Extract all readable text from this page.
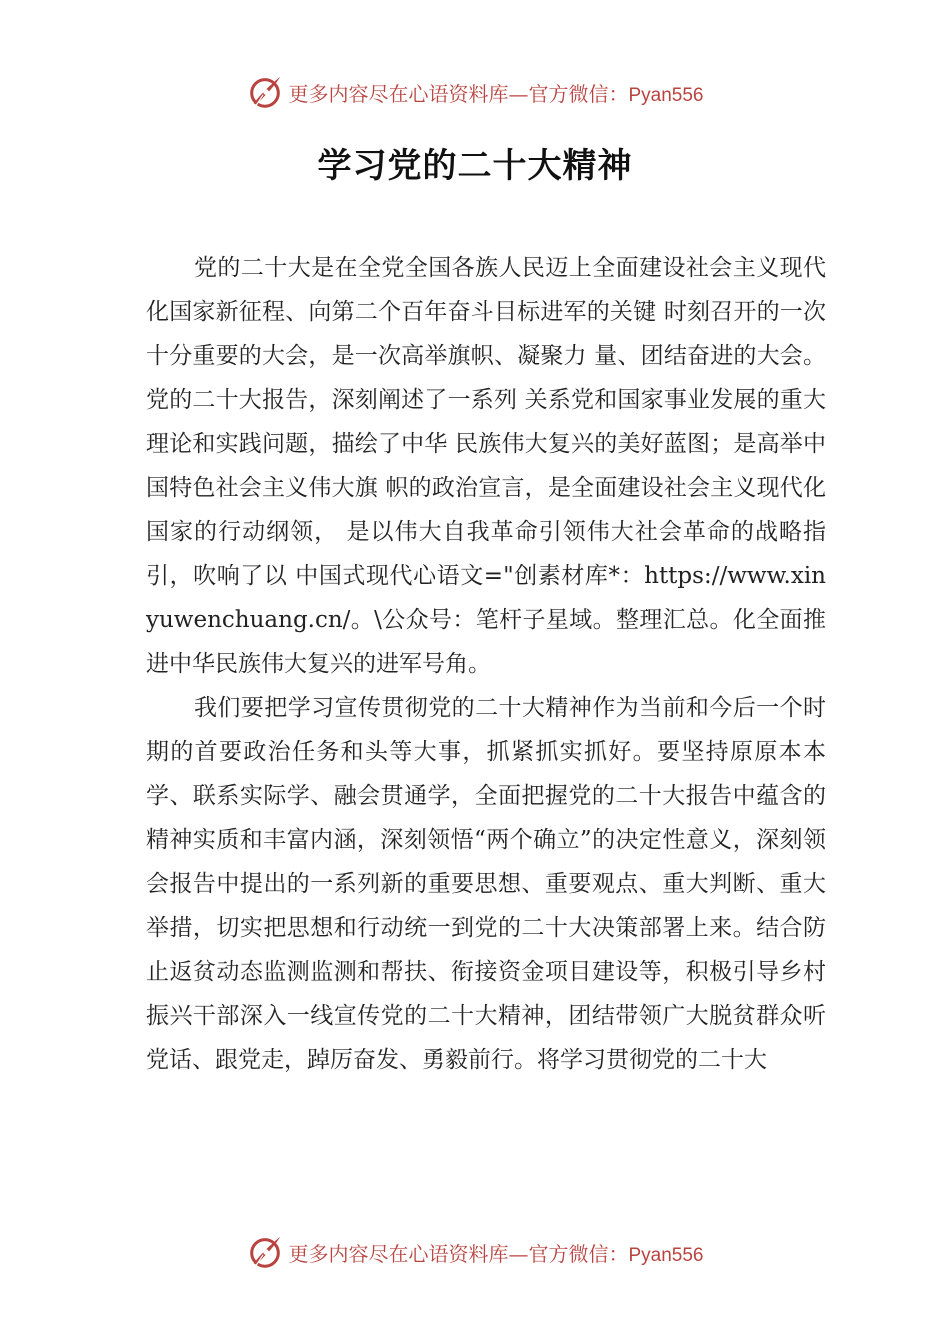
更多内容尽在心语资料库—官方微信：Pyan556
学习党的二十大精神

党的二十大是在全党全国各族人民迈上全面建设社会主义现代化国家新征程、向第二个百年奋斗目标进军的关键 时刻召开的一次十分重要的大会，是一次高举旗帜、凝聚力 量、团结奋进的大会。党的二十大报告，深刻阐述了一系列 关系党和国家事业发展的重大理论和实践问题，描绘了中华 民族伟大复兴的美好蓝图；是高举中国特色社会主义伟大旗 帜的政治宣言，是全面建设社会主义现代化国家的行动纲领， 是以伟大自我革命引领伟大社会革命的战略指引，吹响了以 中国式现代心语文="创素材库*：https://www.xinyuwenchuang.cn/。\公众号：笔杆子星域。整理汇总。化全面推进中华民族伟大复兴的进军号角。

我们要把学习宣传贯彻党的二十大精神作为当前和今后一个时期的首要政治任务和头等大事，抓紧抓实抓好。要坚持原原本本学、联系实际学、融会贯通学，全面把握党的二十大报告中蕴含的精神实质和丰富内涵，深刻领悟“两个确立”的决定性意义，深刻领会报告中提出的一系列新的重要思想、重要观点、重大判断、重大举措，切实把思想和行动统一到党的二十大决策部署上来。结合防止返贫动态监测监测和帮扶、衔接资金项目建设等，积极引导乡村振兴干部深入一线宣传党的二十大精神，团结带领广大脱贫群众听党话、跟党走，踔厉奋发、勇毅前行。将学习贯彻党的二十大

更多内容尽在心语资料库—官方微信：Pyan556
